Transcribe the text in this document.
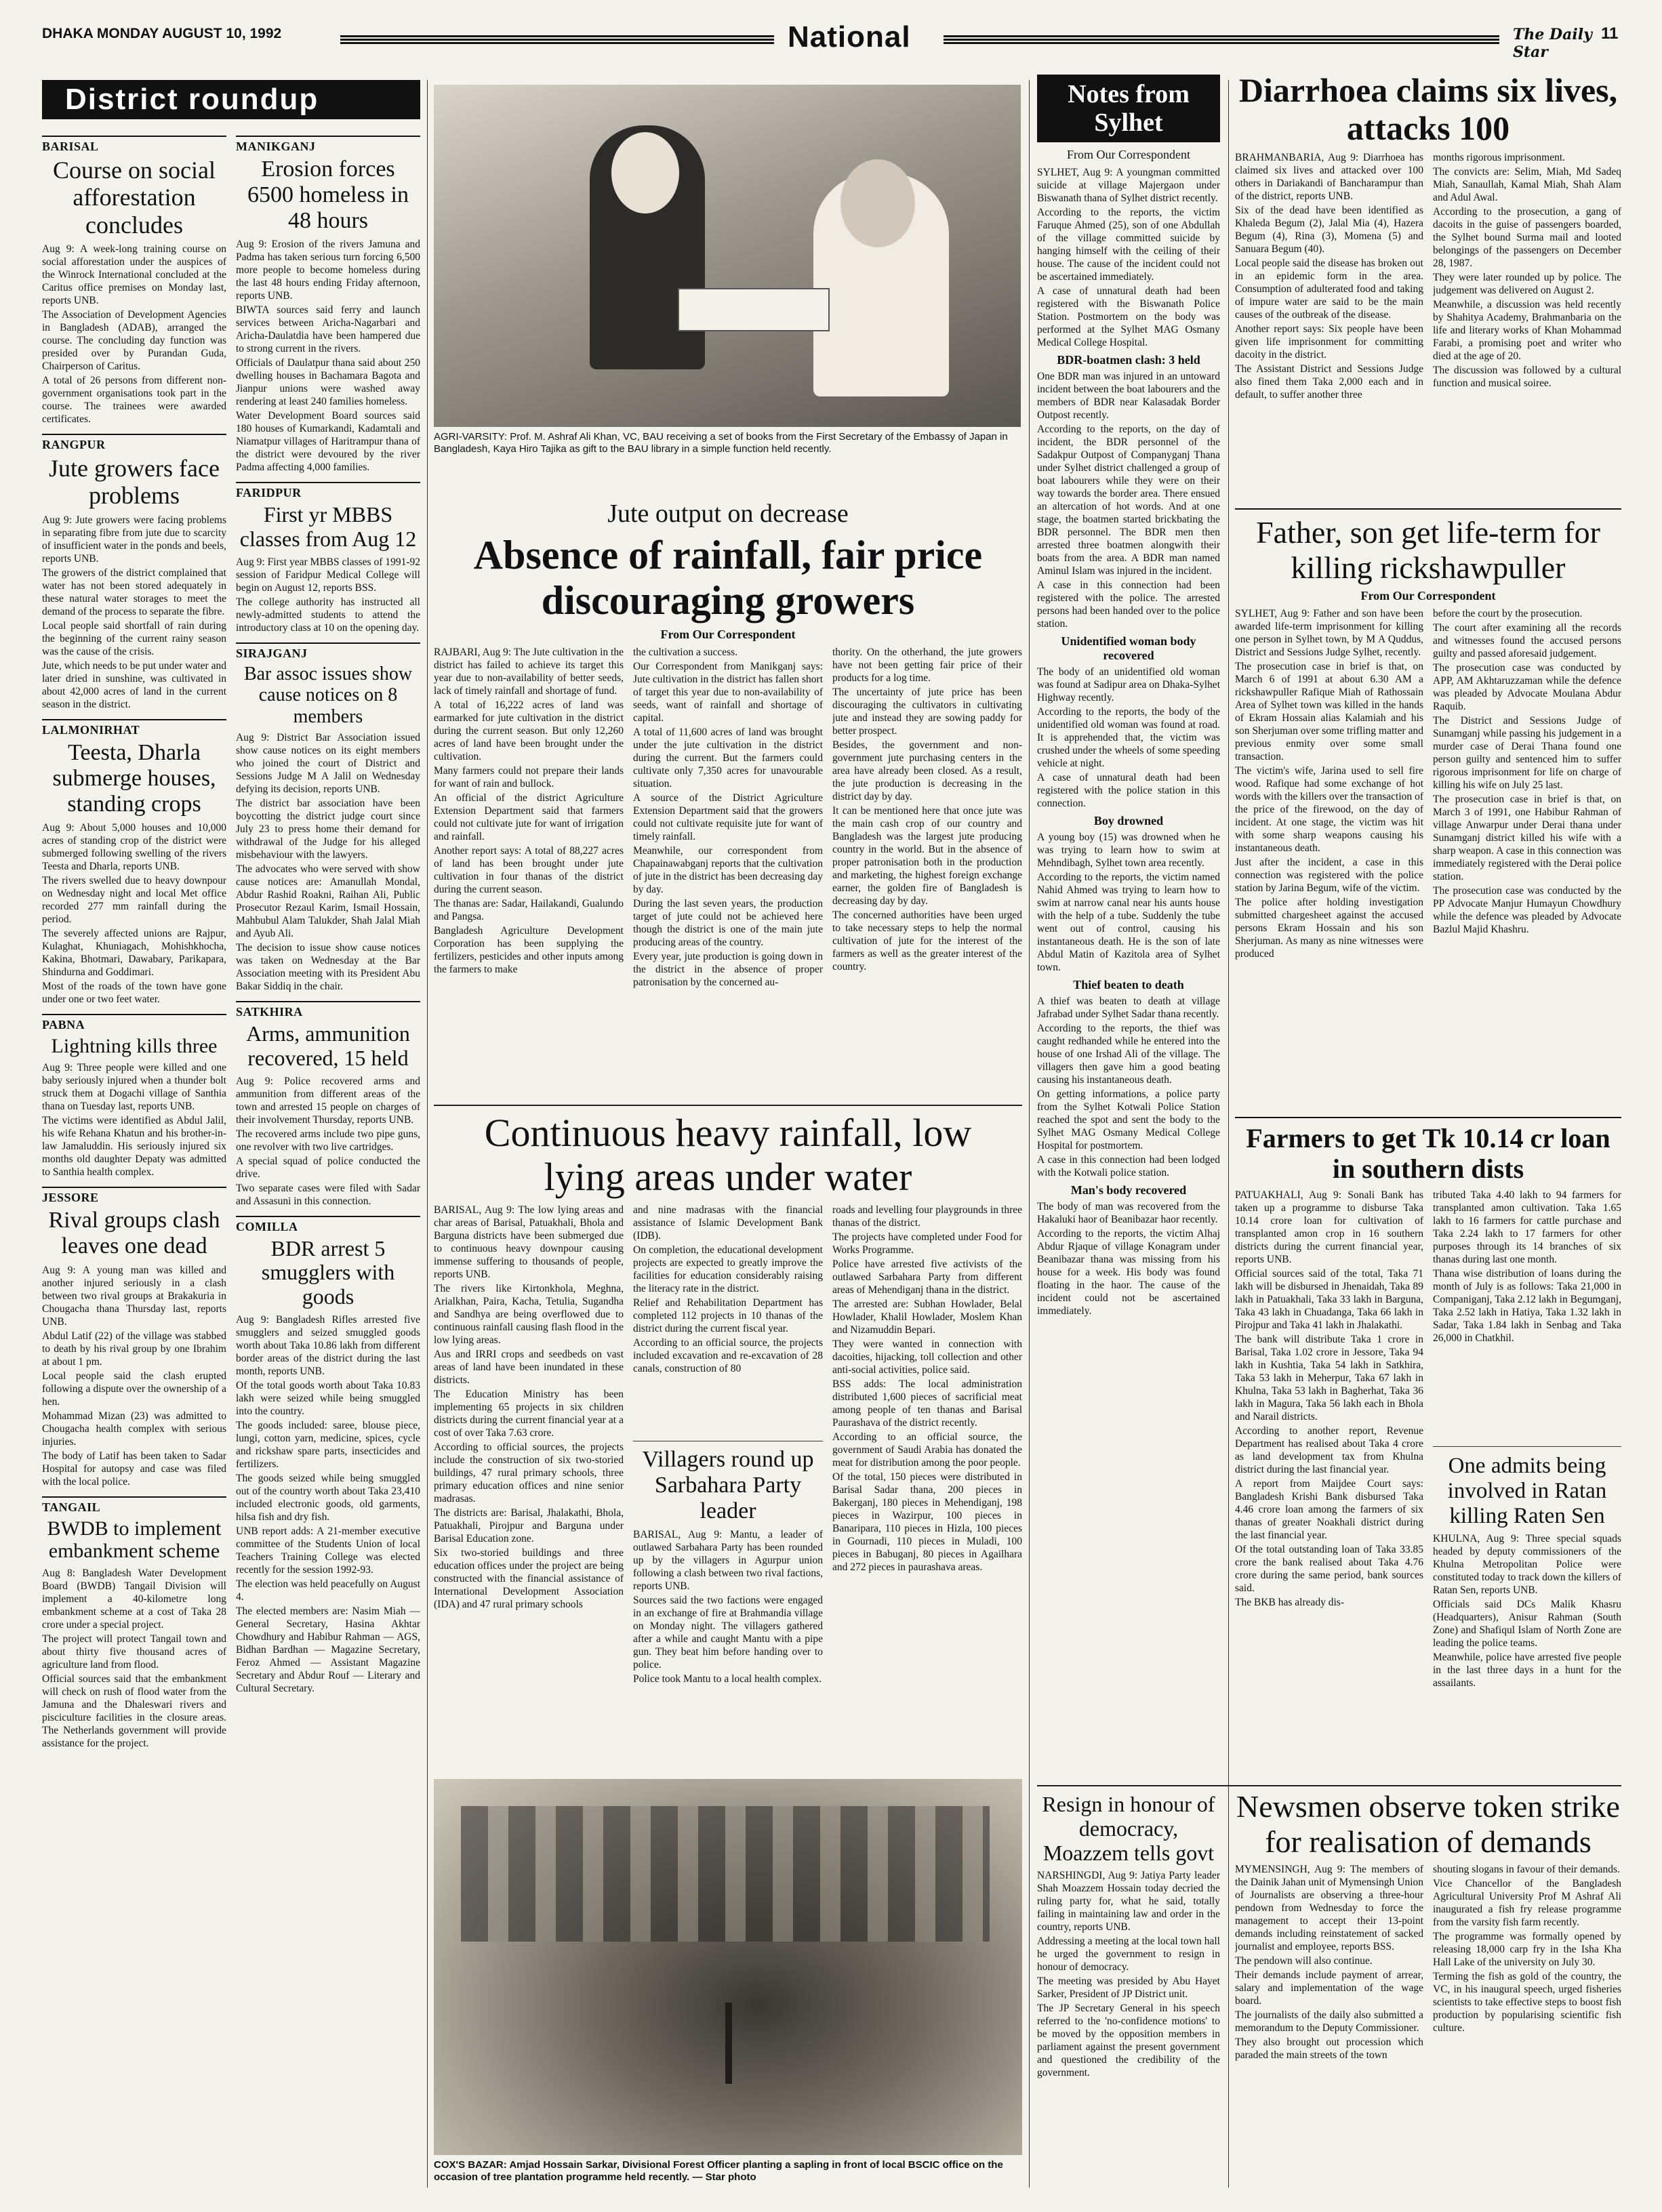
DHAKA MONDAY AUGUST 10, 1992	National	The Daily Star
11
District roundup
BARISAL
Course on social afforestation concludes

Aug 9: A week-long training course on social afforestation under the auspices of the Winrock International concluded at the Caritus office premises on Monday last, reports UNB.

The Association of Development Agencies in Bangladesh (ADAB), arranged the course. The concluding day function was presided over by Purandan Guda, Chairperson of Caritus.

A total of 26 persons from different non-government organisations took part in the course. The trainees were awarded certificates.

RANGPUR
Jute growers face problems

Aug 9: Jute growers were facing problems in separating fibre from jute due to scarcity of insufficient water in the ponds and beels, reports UNB.

The growers of the district complained that water has not been stored adequately in these natural water storages to meet the demand of the process to separate the fibre.

Local people said shortfall of rain during the beginning of the current rainy season was the cause of the crisis.

Jute, which needs to be put under water and later dried in sunshine, was cultivated in about 42,000 acres of land in the current season in the district.

LALMONIRHAT
Teesta, Dharla submerge houses, standing crops

Aug 9: About 5,000 houses and 10,000 acres of standing crop of the district were submerged following swelling of the rivers Teesta and Dharla, reports UNB.

The rivers swelled due to heavy downpour on Wednesday night and local Met office recorded 277 mm rainfall during the period.

The severely affected unions are Rajpur, Kulaghat, Khuniagach, Mohishkhocha, Kakina, Bhotmari, Dawabary, Parikapara, Shindurna and Goddimari.

Most of the roads of the town have gone under one or two feet water.

PABNA
Lightning kills three

Aug 9: Three people were killed and one baby seriously injured when a thunder bolt struck them at Dogachi village of Santhia thana on Tuesday last, reports UNB.

The victims were identified as Abdul Jalil, his wife Rehana Khatun and his brother-in-law Jamaluddin. His seriously injured six months old daughter Depaty was admitted to Santhia health complex.

JESSORE
Rival groups clash leaves one dead

Aug 9: A young man was killed and another injured seriously in a clash between two rival groups at Brakakuria in Chougacha thana Thursday last, reports UNB.

Abdul Latif (22) of the village was stabbed to death by his rival group by one Ibrahim at about 1 pm.

Local people said the clash erupted following a dispute over the ownership of a hen.

Mohammad Mizan (23) was admitted to Chougacha health complex with serious injuries.

The body of Latif has been taken to Sadar Hospital for autopsy and case was filed with the local police.

TANGAIL
BWDB to implement embankment scheme

Aug 8: Bangladesh Water Development Board (BWDB) Tangail Division will implement a 40-kilometre long embankment scheme at a cost of Taka 28 crore under a special project.

The project will protect Tangail town and about thirty five thousand acres of agriculture land from flood.

Official sources said that the embankment will check on rush of flood water from the Jamuna and the Dhaleswari rivers and pisciculture facilities in the closure areas. The Netherlands government will provide assistance for the project.

MANIKGANJ
Erosion forces 6500 homeless in 48 hours

Aug 9: Erosion of the rivers Jamuna and Padma has taken serious turn forcing 6,500 more people to become homeless during the last 48 hours ending Friday afternoon, reports UNB.

BIWTA sources said ferry and launch services between Aricha-Nagarbari and Aricha-Daulatdia have been hampered due to strong current in the rivers.

Officials of Daulatpur thana said about 250 dwelling houses in Bachamara Bagota and Jianpur unions were washed away rendering at least 240 families homeless.

Water Development Board sources said 180 houses of Kumarkandi, Kadamtali and Niamatpur villages of Haritrampur thana of the district were devoured by the river Padma affecting 4,000 families.

FARIDPUR
First yr MBBS classes from Aug 12

Aug 9: First year MBBS classes of 1991-92 session of Faridpur Medical College will begin on August 12, reports BSS.

The college authority has instructed all newly-admitted students to attend the introductory class at 10 on the opening day.

SIRAJGANJ
Bar assoc issues show cause notices on 8 members

Aug 9: District Bar Association issued show cause notices on its eight members who joined the court of District and Sessions Judge M A Jalil on Wednesday defying its decision, reports UNB.

The district bar association have been boycotting the district judge court since July 23 to press home their demand for withdrawal of the Judge for his alleged misbehaviour with the lawyers.

The advocates who were served with show cause notices are: Amanullah Mondal, Abdur Rashid Roakni, Raihan Ali, Public Prosecutor Rezaul Karim, Ismail Hossain, Mahbubul Alam Talukder, Shah Jalal Miah and Ayub Ali.

The decision to issue show cause notices was taken on Wednesday at the Bar Association meeting with its President Abu Bakar Siddiq in the chair.

SATKHIRA
Arms, ammunition recovered, 15 held

Aug 9: Police recovered arms and ammunition from different areas of the town and arrested 15 people on charges of their involvement Thursday, reports UNB.

The recovered arms include two pipe guns, one revolver with two live cartridges.

A special squad of police conducted the drive.

Two separate cases were filed with Sadar and Assasuni in this connection.

COMILLA
BDR arrest 5 smugglers with goods

Aug 9: Bangladesh Rifles arrested five smugglers and seized smuggled goods worth about Taka 10.86 lakh from different border areas of the district during the last month, reports UNB.

Of the total goods worth about Taka 10.83 lakh were seized while being smuggled into the country.

The goods included: saree, blouse piece, lungi, cotton yarn, medicine, spices, cycle and rickshaw spare parts, insecticides and fertilizers.

The goods seized while being smuggled out of the country worth about Taka 23,410 included electronic goods, old garments, hilsa fish and dry fish.

UNB report adds: A 21-member executive committee of the Students Union of local Teachers Training College was elected recently for the session 1992-93.

The election was held peacefully on August 4.

The elected members are: Nasim Miah — General Secretary, Hasina Akhtar Chowdhury and Habibur Rahman — AGS, Bidhan Bardhan — Magazine Secretary, Feroz Ahmed — Assistant Magazine Secretary and Abdur Rouf — Literary and Cultural Secretary.

AGRI-VARSITY: Prof. M. Ashraf Ali Khan, VC, BAU receiving a set of books from the First Secretary of the Embassy of Japan in Bangladesh, Kaya Hiro Tajika as gift to the BAU library in a simple function held recently.
Jute output on decrease
Absence of rainfall, fair price discouraging growers
From Our Correspondent

RAJBARI, Aug 9: The Jute cultivation in the district has failed to achieve its target this year due to non-availability of better seeds, lack of timely rainfall and shortage of fund.

A total of 16,222 acres of land was earmarked for jute cultivation in the district during the current season. But only 12,260 acres of land have been brought under the cultivation.

Many farmers could not prepare their lands for want of rain and bullock.

An official of the district Agriculture Extension Department said that farmers could not cultivate jute for want of irrigation and rainfall.

Another report says: A total of 88,227 acres of land has been brought under jute cultivation in four thanas of the district during the current season.

The thanas are: Sadar, Hailakandi, Gualundo and Pangsa.

Bangladesh Agriculture Development Corporation has been supplying the fertilizers, pesticides and other inputs among the farmers to make

the cultivation a success.

Our Correspondent from Manikganj says: Jute cultivation in the district has fallen short of target this year due to non-availability of seeds, want of rainfall and shortage of capital.

A total of 11,600 acres of land was brought under the jute cultivation in the district during the current. But the farmers could cultivate only 7,350 acres for unavourable situation.

A source of the District Agriculture Extension Department said that the growers could not cultivate requisite jute for want of timely rainfall.

Meanwhile, our correspondent from Chapainawabganj reports that the cultivation of jute in the district has been decreasing day by day.

During the last seven years, the production target of jute could not be achieved here though the district is one of the main jute producing areas of the country.

Every year, jute production is going down in the district in the absence of proper patronisation by the concerned au-

thority. On the otherhand, the jute growers have not been getting fair price of their products for a log time.

The uncertainty of jute price has been discouraging the cultivators in cultivating jute and instead they are sowing paddy for better prospect.

Besides, the government and non-government jute purchasing centers in the area have already been closed. As a result, the jute production is decreasing in the district day by day.

It can be mentioned here that once jute was the main cash crop of our country and Bangladesh was the largest jute producing country in the world. But in the absence of proper patronisation both in the production and marketing, the highest foreign exchange earner, the golden fire of Bangladesh is decreasing day by day.

The concerned authorities have been urged to take necessary steps to help the normal cultivation of jute for the interest of the farmers as well as the greater interest of the country.

Continuous heavy rainfall, low lying areas under water

BARISAL, Aug 9: The low lying areas and char areas of Barisal, Patuakhali, Bhola and Barguna districts have been submerged due to continuous heavy downpour causing immense suffering to thousands of people, reports UNB.

The rivers like Kirtonkhola, Meghna, Arialkhan, Paira, Kacha, Tetulia, Sugandha and Sandhya are being overflowed due to continuous rainfall causing flash flood in the low lying areas.

Aus and IRRI crops and seedbeds on vast areas of land have been inundated in these districts.

The Education Ministry has been implementing 65 projects in six children districts during the current financial year at a cost of over Taka 7.63 crore.

According to official sources, the projects include the construction of six two-storied buildings, 47 rural primary schools, three primary education offices and nine senior madrasas.

The districts are: Barisal, Jhalakathi, Bhola, Patuakhali, Pirojpur and Barguna under Barisal Education zone.

Six two-storied buildings and three education offices under the project are being constructed with the financial assistance of International Development Association (IDA) and 47 rural primary schools

and nine madrasas with the financial assistance of Islamic Development Bank (IDB).

On completion, the educational development projects are expected to greatly improve the facilities for education considerably raising the literacy rate in the district.

Relief and Rehabilitation Department has completed 112 projects in 10 thanas of the district during the current fiscal year.

According to an official source, the projects included excavation and re-excavation of 28 canals, construction of 80

Villagers round up Sarbahara Party leader

BARISAL, Aug 9: Mantu, a leader of outlawed Sarbahara Party has been rounded up by the villagers in Agurpur union following a clash between two rival factions, reports UNB.

Sources said the two factions were engaged in an exchange of fire at Brahmandia village on Monday night. The villagers gathered after a while and caught Mantu with a pipe gun. They beat him before handing over to police.

Police took Mantu to a local health complex.

roads and levelling four playgrounds in three thanas of the district.

The projects have completed under Food for Works Programme.

Police have arrested five activists of the outlawed Sarbahara Party from different areas of Mehendiganj thana in the district.

The arrested are: Subhan Howlader, Belal Howlader, Khalil Howlader, Moslem Khan and Nizamuddin Bepari.

They were wanted in connection with dacoities, hijacking, toll collection and other anti-social activities, police said.

BSS adds: The local administration distributed 1,600 pieces of sacrificial meat among people of ten thanas and Barisal Paurashava of the district recently.

According to an official source, the government of Saudi Arabia has donated the meat for distribution among the poor people.

Of the total, 150 pieces were distributed in Barisal Sadar thana, 200 pieces in Bakerganj, 180 pieces in Mehendiganj, 198 pieces in Wazirpur, 100 pieces in Banaripara, 110 pieces in Hizla, 100 pieces in Gournadi, 110 pieces in Muladi, 100 pieces in Babuganj, 80 pieces in Agailhara and 272 pieces in paurashava areas.

COX'S BAZAR: Amjad Hossain Sarkar, Divisional Forest Officer planting a sapling in front of local BSCIC office on the occasion of tree plantation programme held recently. — Star photo
Notes from Sylhet
From Our Correspondent

SYLHET, Aug 9: A youngman committed suicide at village Majergaon under Biswanath thana of Sylhet district recently.

According to the reports, the victim Faruque Ahmed (25), son of one Abdullah of the village committed suicide by hanging himself with the ceiling of their house. The cause of the incident could not be ascertained immediately.

A case of unnatural death had been registered with the Biswanath Police Station. Postmortem on the body was performed at the Sylhet MAG Osmany Medical College Hospital.

BDR-boatmen clash: 3 held

One BDR man was injured in an untoward incident between the boat labourers and the members of BDR near Kalasadak Border Outpost recently.

According to the reports, on the day of incident, the BDR personnel of the Sadakpur Outpost of Companyganj Thana under Sylhet district challenged a group of boat labourers while they were on their way towards the border area. There ensued an altercation of hot words. And at one stage, the boatmen started brickbating the BDR personnel. The BDR men then arrested three boatmen alongwith their boats from the area. A BDR man named Aminul Islam was injured in the incident.

A case in this connection had been registered with the police. The arrested persons had been handed over to the police station.

Unidentified woman body recovered

The body of an unidentified old woman was found at Sadipur area on Dhaka-Sylhet Highway recently.

According to the reports, the body of the unidentified old woman was found at road. It is apprehended that, the victim was crushed under the wheels of some speeding vehicle at night.

A case of unnatural death had been registered with the police station in this connection.

Boy drowned

A young boy (15) was drowned when he was trying to learn how to swim at Mehndibagh, Sylhet town area recently.

According to the reports, the victim named Nahid Ahmed was trying to learn how to swim at narrow canal near his aunts house with the help of a tube. Suddenly the tube went out of control, causing his instantaneous death. He is the son of late Abdul Matin of Kazitola area of Sylhet town.

Thief beaten to death

A thief was beaten to death at village Jafrabad under Sylhet Sadar thana recently.

According to the reports, the thief was caught redhanded while he entered into the house of one Irshad Ali of the village. The villagers then gave him a good beating causing his instantaneous death.

On getting informations, a police party from the Sylhet Kotwali Police Station reached the spot and sent the body to the Sylhet MAG Osmany Medical College Hospital for postmortem.

A case in this connection had been lodged with the Kotwali police station.

Man's body recovered

The body of man was recovered from the Hakaluki haor of Beanibazar haor recently.

According to the reports, the victim Alhaj Abdur Rjaque of village Konagram under Beanibazar thana was missing from his house for a week. His body was found floating in the haor. The cause of the incident could not be ascertained immediately.

Diarrhoea claims six lives, attacks 100

BRAHMANBARIA, Aug 9: Diarrhoea has claimed six lives and attacked over 100 others in Dariakandi of Bancharampur than of the district, reports UNB.

Six of the dead have been identified as Khaleda Begum (2), Jalal Mia (4), Hazera Begum (4), Rina (3), Momena (5) and Sanuara Begum (40).

Local people said the disease has broken out in an epidemic form in the area. Consumption of adulterated food and taking of impure water are said to be the main causes of the outbreak of the disease.

Another report says: Six people have been given life imprisonment for committing dacoity in the district.

The Assistant District and Sessions Judge also fined them Taka 2,000 each and in default, to suffer another three

months rigorous imprisonment.

The convicts are: Selim, Miah, Md Sadeq Miah, Sanaullah, Kamal Miah, Shah Alam and Adul Awal.

According to the prosecution, a gang of dacoits in the guise of passengers boarded, the Sylhet bound Surma mail and looted belongings of the passengers on December 28, 1987.

They were later rounded up by police. The judgement was delivered on August 2.

Meanwhile, a discussion was held recently by Shahitya Academy, Brahmanbaria on the life and literary works of Khan Mohammad Farabi, a promising poet and writer who died at the age of 20.

The discussion was followed by a cultural function and musical soiree.

Father, son get life-term for killing rickshawpuller
From Our Correspondent

SYLHET, Aug 9: Father and son have been awarded life-term imprisonment for killing one person in Sylhet town, by M A Quddus, District and Sessions Judge Sylhet, recently.

The prosecution case in brief is that, on March 6 of 1991 at about 6.30 AM a rickshawpuller Rafique Miah of Rathossain Area of Sylhet town was killed in the hands of Ekram Hossain alias Kalamiah and his son Sherjuman over some trifling matter and previous enmity over some small transaction.

The victim's wife, Jarina used to sell fire wood. Rafique had some exchange of hot words with the killers over the transaction of the price of the firewood, on the day of incident. At one stage, the victim was hit with some sharp weapons causing his instantaneous death.

Just after the incident, a case in this connection was registered with the police station by Jarina Begum, wife of the victim.

The police after holding investigation submitted chargesheet against the accused persons Ekram Hossain and his son Sherjuman. As many as nine witnesses were produced

before the court by the prosecution.

The court after examining all the records and witnesses found the accused persons guilty and passed aforesaid judgement.

The prosecution case was conducted by APP, AM Akhtaruzzaman while the defence was pleaded by Advocate Moulana Abdur Raquib.

The District and Sessions Judge of Sunamganj while passing his judgement in a murder case of Derai Thana found one person guilty and sentenced him to suffer rigorous imprisonment for life on charge of killing his wife on July 25 last.

The prosecution case in brief is that, on March 3 of 1991, one Habibur Rahman of village Anwarpur under Derai thana under Sunamganj district killed his wife with a sharp weapon. A case in this connection was immediately registered with the Derai police station.

The prosecution case was conducted by the PP Advocate Manjur Humayun Chowdhury while the defence was pleaded by Advocate Bazlul Majid Khashru.

Farmers to get Tk 10.14 cr loan in southern dists

PATUAKHALI, Aug 9: Sonali Bank has taken up a programme to disburse Taka 10.14 crore loan for cultivation of transplanted amon crop in 16 southern districts during the current financial year, reports UNB.

Official sources said of the total, Taka 71 lakh will be disbursed in Jhenaidah, Taka 89 lakh in Patuakhali, Taka 33 lakh in Barguna, Taka 43 lakh in Chuadanga, Taka 66 lakh in Pirojpur and Taka 41 lakh in Jhalakathi.

The bank will distribute Taka 1 crore in Barisal, Taka 1.02 crore in Jessore, Taka 94 lakh in Kushtia, Taka 54 lakh in Satkhira, Taka 53 lakh in Meherpur, Taka 67 lakh in Khulna, Taka 53 lakh in Bagherhat, Taka 36 lakh in Magura, Taka 56 lakh each in Bhola and Narail districts.

According to another report, Revenue Department has realised about Taka 4 crore as land development tax from Khulna district during the last financial year.

A report from Maijdee Court says: Bangladesh Krishi Bank disbursed Taka 4.46 crore loan among the farmers of six thanas of greater Noakhali district during the last financial year.

Of the total outstanding loan of Taka 33.85 crore the bank realised about Taka 4.76 crore during the same period, bank sources said.

The BKB has already dis-

tributed Taka 4.40 lakh to 94 farmers for transplanted amon cultivation. Taka 1.65 lakh to 16 farmers for cattle purchase and Taka 2.24 lakh to 17 farmers for other purposes through its 14 branches of six thanas during last one month.

Thana wise distribution of loans during the month of July is as follows: Taka 21,000 in Companiganj, Taka 2.12 lakh in Begumganj, Taka 2.52 lakh in Hatiya, Taka 1.32 lakh in Sadar, Taka 1.84 lakh in Senbag and Taka 26,000 in Chatkhil.

One admits being involved in Ratan killing Raten Sen

KHULNA, Aug 9: Three special squads headed by deputy commissioners of the Khulna Metropolitan Police were constituted today to track down the killers of Ratan Sen, reports UNB.

Officials said DCs Malik Khasru (Headquarters), Anisur Rahman (South Zone) and Shafiqul Islam of North Zone are leading the police teams.

Meanwhile, police have arrested five people in the last three days in a hunt for the assailants.

Resign in honour of democracy, Moazzem tells govt

NARSHINGDI, Aug 9: Jatiya Party leader Shah Moazzem Hossain today decried the ruling party for, what he said, totally failing in maintaining law and order in the country, reports UNB.

Addressing a meeting at the local town hall he urged the government to resign in honour of democracy.

The meeting was presided by Abu Hayet Sarker, President of JP District unit.

The JP Secretary General in his speech referred to the 'no-confidence motions' to be moved by the opposition members in parliament against the present government and questioned the credibility of the government.

Newsmen observe token strike for realisation of demands

MYMENSINGH, Aug 9: The members of the Dainik Jahan unit of Mymensingh Union of Journalists are observing a three-hour pendown from Wednesday to force the management to accept their 13-point demands including reinstatement of sacked journalist and employee, reports BSS.

The pendown will also continue.

Their demands include payment of arrear, salary and implementation of the wage board.

The journalists of the daily also submitted a memorandum to the Deputy Commissioner.

They also brought out procession which paraded the main streets of the town

shouting slogans in favour of their demands.

Vice Chancellor of the Bangladesh Agricultural University Prof M Ashraf Ali inaugurated a fish fry release programme from the varsity fish farm recently.

The programme was formally opened by releasing 18,000 carp fry in the Isha Kha Hall Lake of the university on July 30.

Terming the fish as gold of the country, the VC, in his inaugural speech, urged fisheries scientists to take effective steps to boost fish production by popularising scientific fish culture.
